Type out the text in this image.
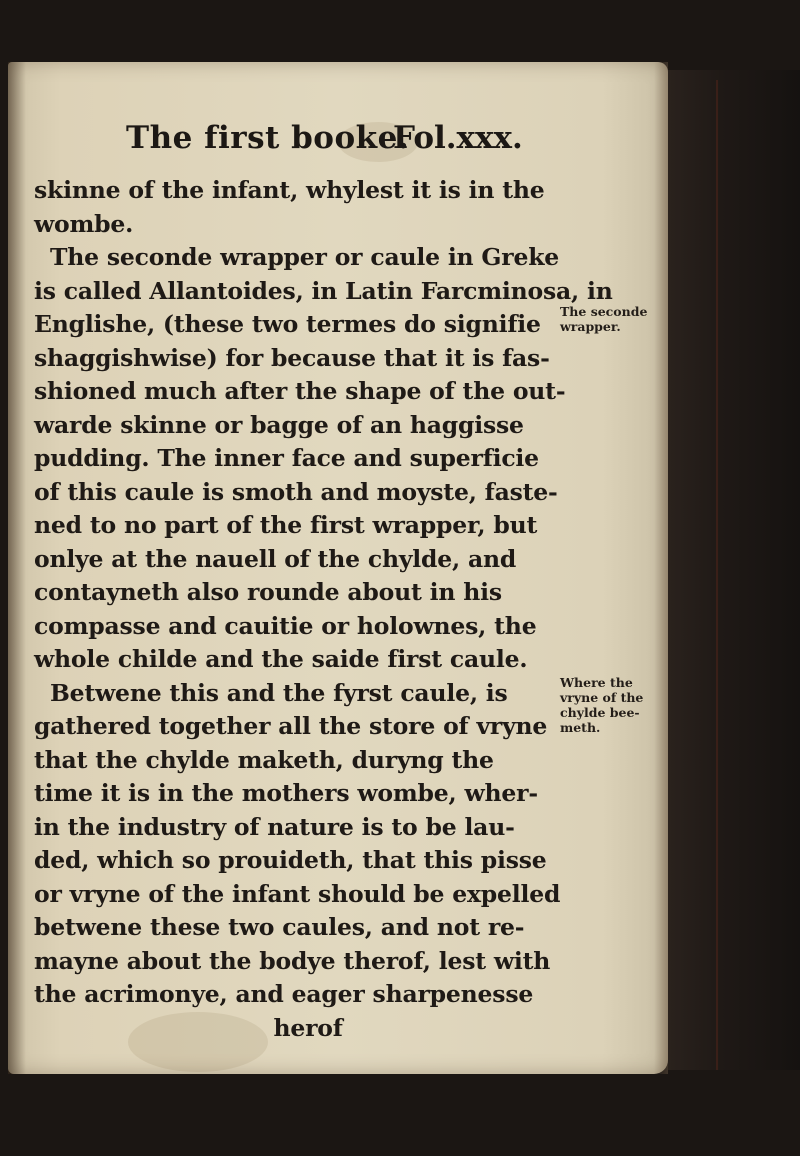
The first booke.
Fol.xxx.
skinne of the infant, whylest it is in the
wombe.
The seconde wrapper or caule in Greke
is called Allantoides, in Latin Farcminosa, in
Englishe, (these two termes do signifie
shaggishwise) for because that it is fas-
shioned much after the shape of the out-
warde skinne or bagge of an haggisse
pudding. The inner face and superficie
of this caule is smoth and moyste, faste-
ned to no part of the first wrapper, but
onlye at the nauell of the chylde, and
contayneth also rounde about in his
compasse and cauitie or holownes, the
whole childe and the saide first caule.
Betwene this and the fyrst caule, is
gathered together all the store of vryne
that the chylde maketh, duryng the
time it is in the mothers wombe, wher-
in the industry of nature is to be lau-
ded, which so prouideth, that this pisse
or vryne of the infant should be expelled
betwene these two caules, and not re-
mayne about the bodye therof, lest with
the acrimonye, and eager sharpenesse
herof
The seconde wrapper.
Where the vryne of the chylde bee-meth.
